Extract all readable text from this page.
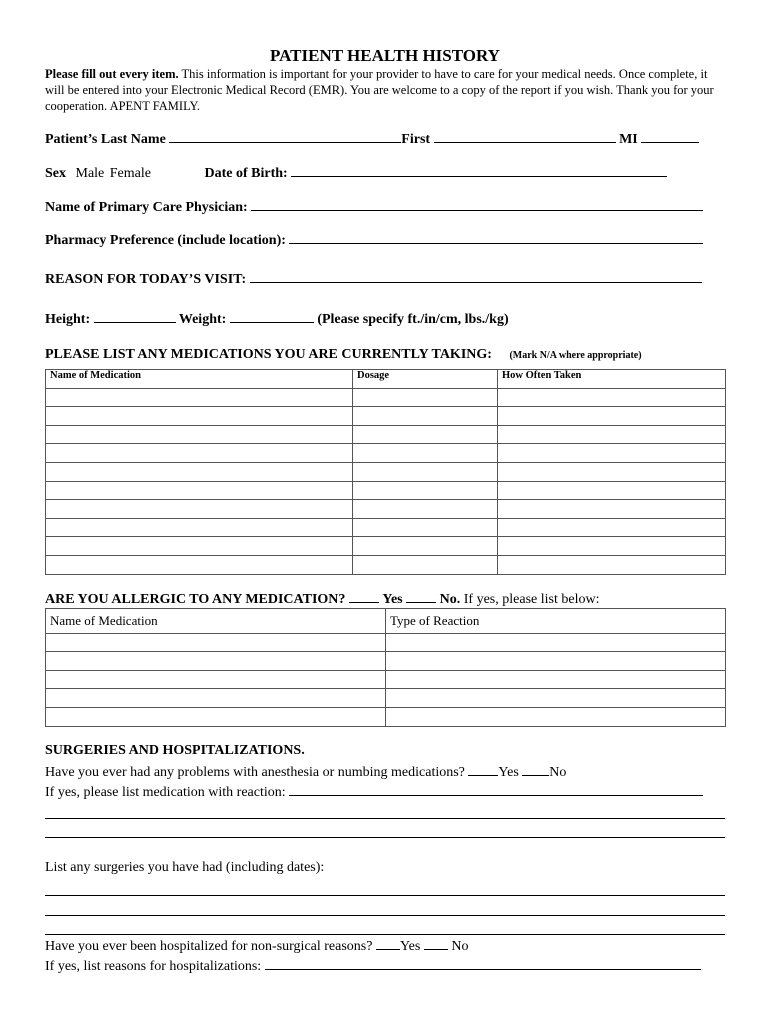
PATIENT HEALTH HISTORY

Please fill out every item. This information is important for your provider to have to care for your medical needs. Once complete, it will be entered into your Electronic Medical Record (EMR). You are welcome to a copy of the report if you wish. Thank you for your cooperation. APENT FAMILY.

Patient’s Last Name	First	MI
Sex Male Female	Date of Birth:
Name of Primary Care Physician:
Pharmacy Preference (include location):
REASON FOR TODAY’S VISIT:
Height:	Weight:	(Please specify ft./in/cm, lbs./kg)
PLEASE LIST ANY MEDICATIONS YOU ARE CURRENTLY TAKING: (Mark N/A where appropriate)
Name of Medication	Dosage	How Often Taken

ARE YOU ALLERGIC TO ANY MEDICATION?	Yes	No. If yes, please list below:
Name of Medication	Type of Reaction

SURGERIES AND HOSPITALIZATIONS.
Have you ever had any problems with anesthesia or numbing medications? Yes No
If yes, please list medication with reaction:
List any surgeries you have had (including dates):
Have you ever been hospitalized for non-surgical reasons? Yes No
If yes, list reasons for hospitalizations:
